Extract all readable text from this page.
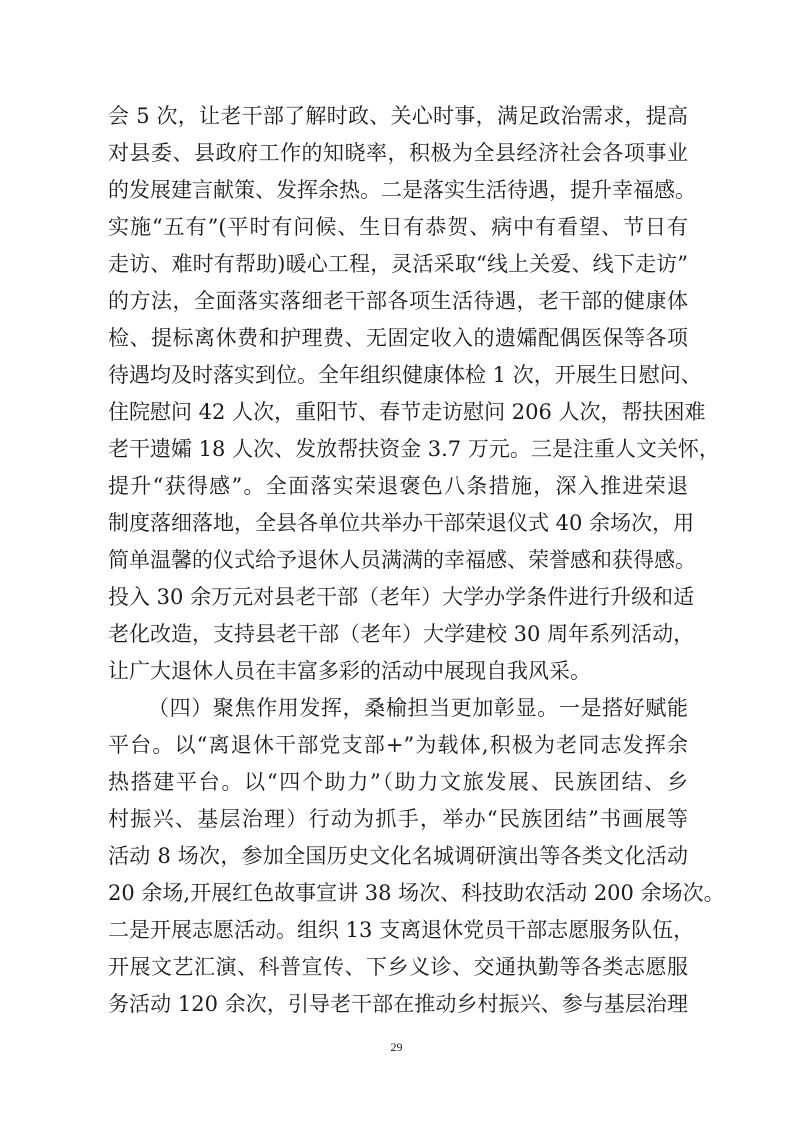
会 5 次，让老干部了解时政、关心时事，满足政治需求，提高
对县委、县政府工作的知晓率，积极为全县经济社会各项事业
的发展建言献策、发挥余热。二是落实生活待遇，提升幸福感。
实施“五有”(平时有问候、生日有恭贺、病中有看望、节日有
走访、难时有帮助)暖心工程，灵活采取“线上关爱、线下走访”
的方法，全面落实落细老干部各项生活待遇，老干部的健康体
检、提标离休费和护理费、无固定收入的遗孀配偶医保等各项
待遇均及时落实到位。全年组织健康体检 1 次，开展生日慰问、
住院慰问 42 人次，重阳节、春节走访慰问 206 人次，帮扶困难
老干遗孀 18 人次、发放帮扶资金 3.7 万元。三是注重人文关怀，
提升“获得感”。全面落实荣退褒色八条措施，深入推进荣退
制度落细落地，全县各单位共举办干部荣退仪式 40 余场次，用
简单温馨的仪式给予退休人员满满的幸福感、荣誉感和获得感。
投入 30 余万元对县老干部（老年）大学办学条件进行升级和适
老化改造，支持县老干部（老年）大学建校 30 周年系列活动，
让广大退休人员在丰富多彩的活动中展现自我风采。
（四）聚焦作用发挥，桑榆担当更加彰显。一是搭好赋能
平台。以“离退休干部党支部+”为载体,积极为老同志发挥余
热搭建平台。以“四个助力”（助力文旅发展、民族团结、乡
村振兴、基层治理）行动为抓手，举办“民族团结”书画展等
活动 8 场次，参加全国历史文化名城调研演出等各类文化活动
20 余场,开展红色故事宣讲 38 场次、科技助农活动 200 余场次。
二是开展志愿活动。组织 13 支离退休党员干部志愿服务队伍，
开展文艺汇演、科普宣传、下乡义诊、交通执勤等各类志愿服
务活动 120 余次，引导老干部在推动乡村振兴、参与基层治理
29
